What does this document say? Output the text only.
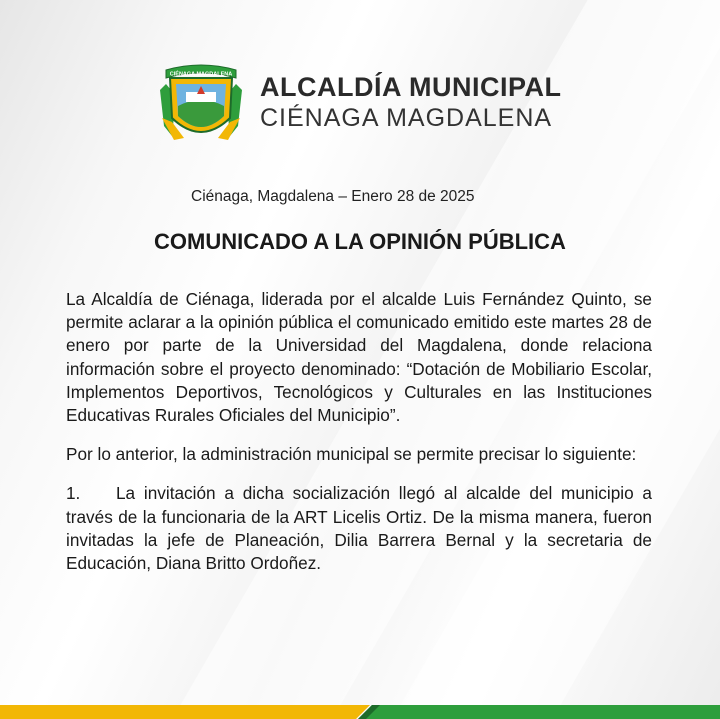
CIÉNAGA MAGDALENA ALCALDÍA MUNICIPAL
CIÉNAGA MAGDALENA
Ciénaga, Magdalena – Enero 28 de 2025
COMUNICADO A LA OPINIÓN PÚBLICA

La Alcaldía de Ciénaga, liderada por el alcalde Luis Fernández Quinto, se permite aclarar a la opinión pública el comunicado emitido este martes 28 de enero por parte de la Universidad del Magdalena, donde relaciona información sobre el proyecto denominado: “Dotación de Mobiliario Escolar, Implementos Deportivos, Tecnológicos y Culturales en las Instituciones Educativas Rurales Oficiales del Municipio”.

Por lo anterior, la administración municipal se permite precisar lo siguiente:

1. La invitación a dicha socialización llegó al alcalde del municipio a través de la funcionaria de la ART Licelis Ortiz. De la misma manera, fueron invitadas la jefe de Planeación, Dilia Barrera Bernal y la secretaria de Educación, Diana Britto Ordoñez.
